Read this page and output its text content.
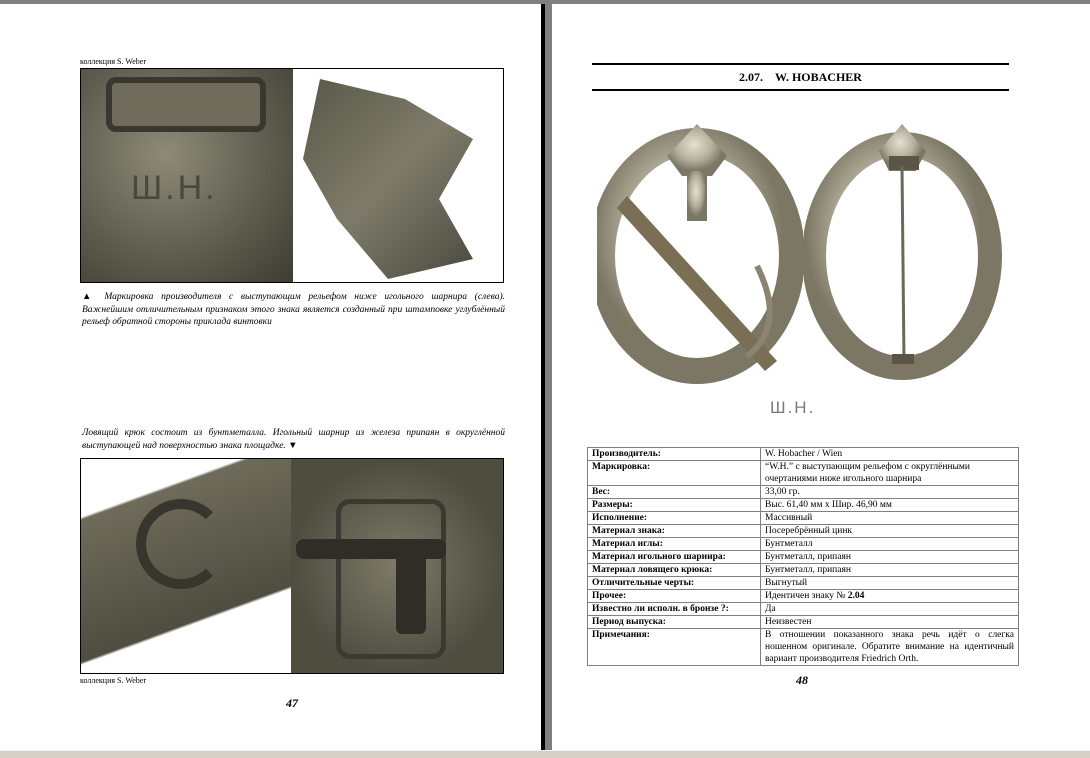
коллекция S. Weber
Ш.Н.
▲ Маркировка производителя с выступающим рельефом ниже игольного шарнира (слева). Важнейшим отличительным признаком этого знака является созданный при штамповке углублённый рельеф обратной стороны приклада винтовки
Ловящий крюк состоит из бунтметалла. Игольный шарнир из железа припаян в округлённой выступающей над поверхностью знака площадке. ▼
коллекция S. Weber
47
2.07. W. HOBACHER
Ш.Н.
Производитель:	W. Hobacher / Wien
Маркировка:	“W.H.” с выступающим рельефом с округлёнными очертаниями ниже игольного шарнира
Вес:	33,00 гр.
Размеры:	Выс. 61,40 мм x Шир. 46,90 мм
Исполнение:	Массивный
Материал знака:	Посеребрённый цинк
Материал иглы:	Бунтметалл
Материал игольного шарнира:	Бунтметалл, припаян
Материал ловящего крюка:	Бунтметалл, припаян
Отличительные черты:	Выгнутый
Прочее:	Идентичен знаку № 2.04
Известно ли исполн. в бронзе ?:	Да
Период выпуска:	Неизвестен
Примечания:	В отношении показанного знака речь идёт о слегка ношенном оригинале. Обратите внимание на идентичный вариант производителя Friedrich Orth.
48
